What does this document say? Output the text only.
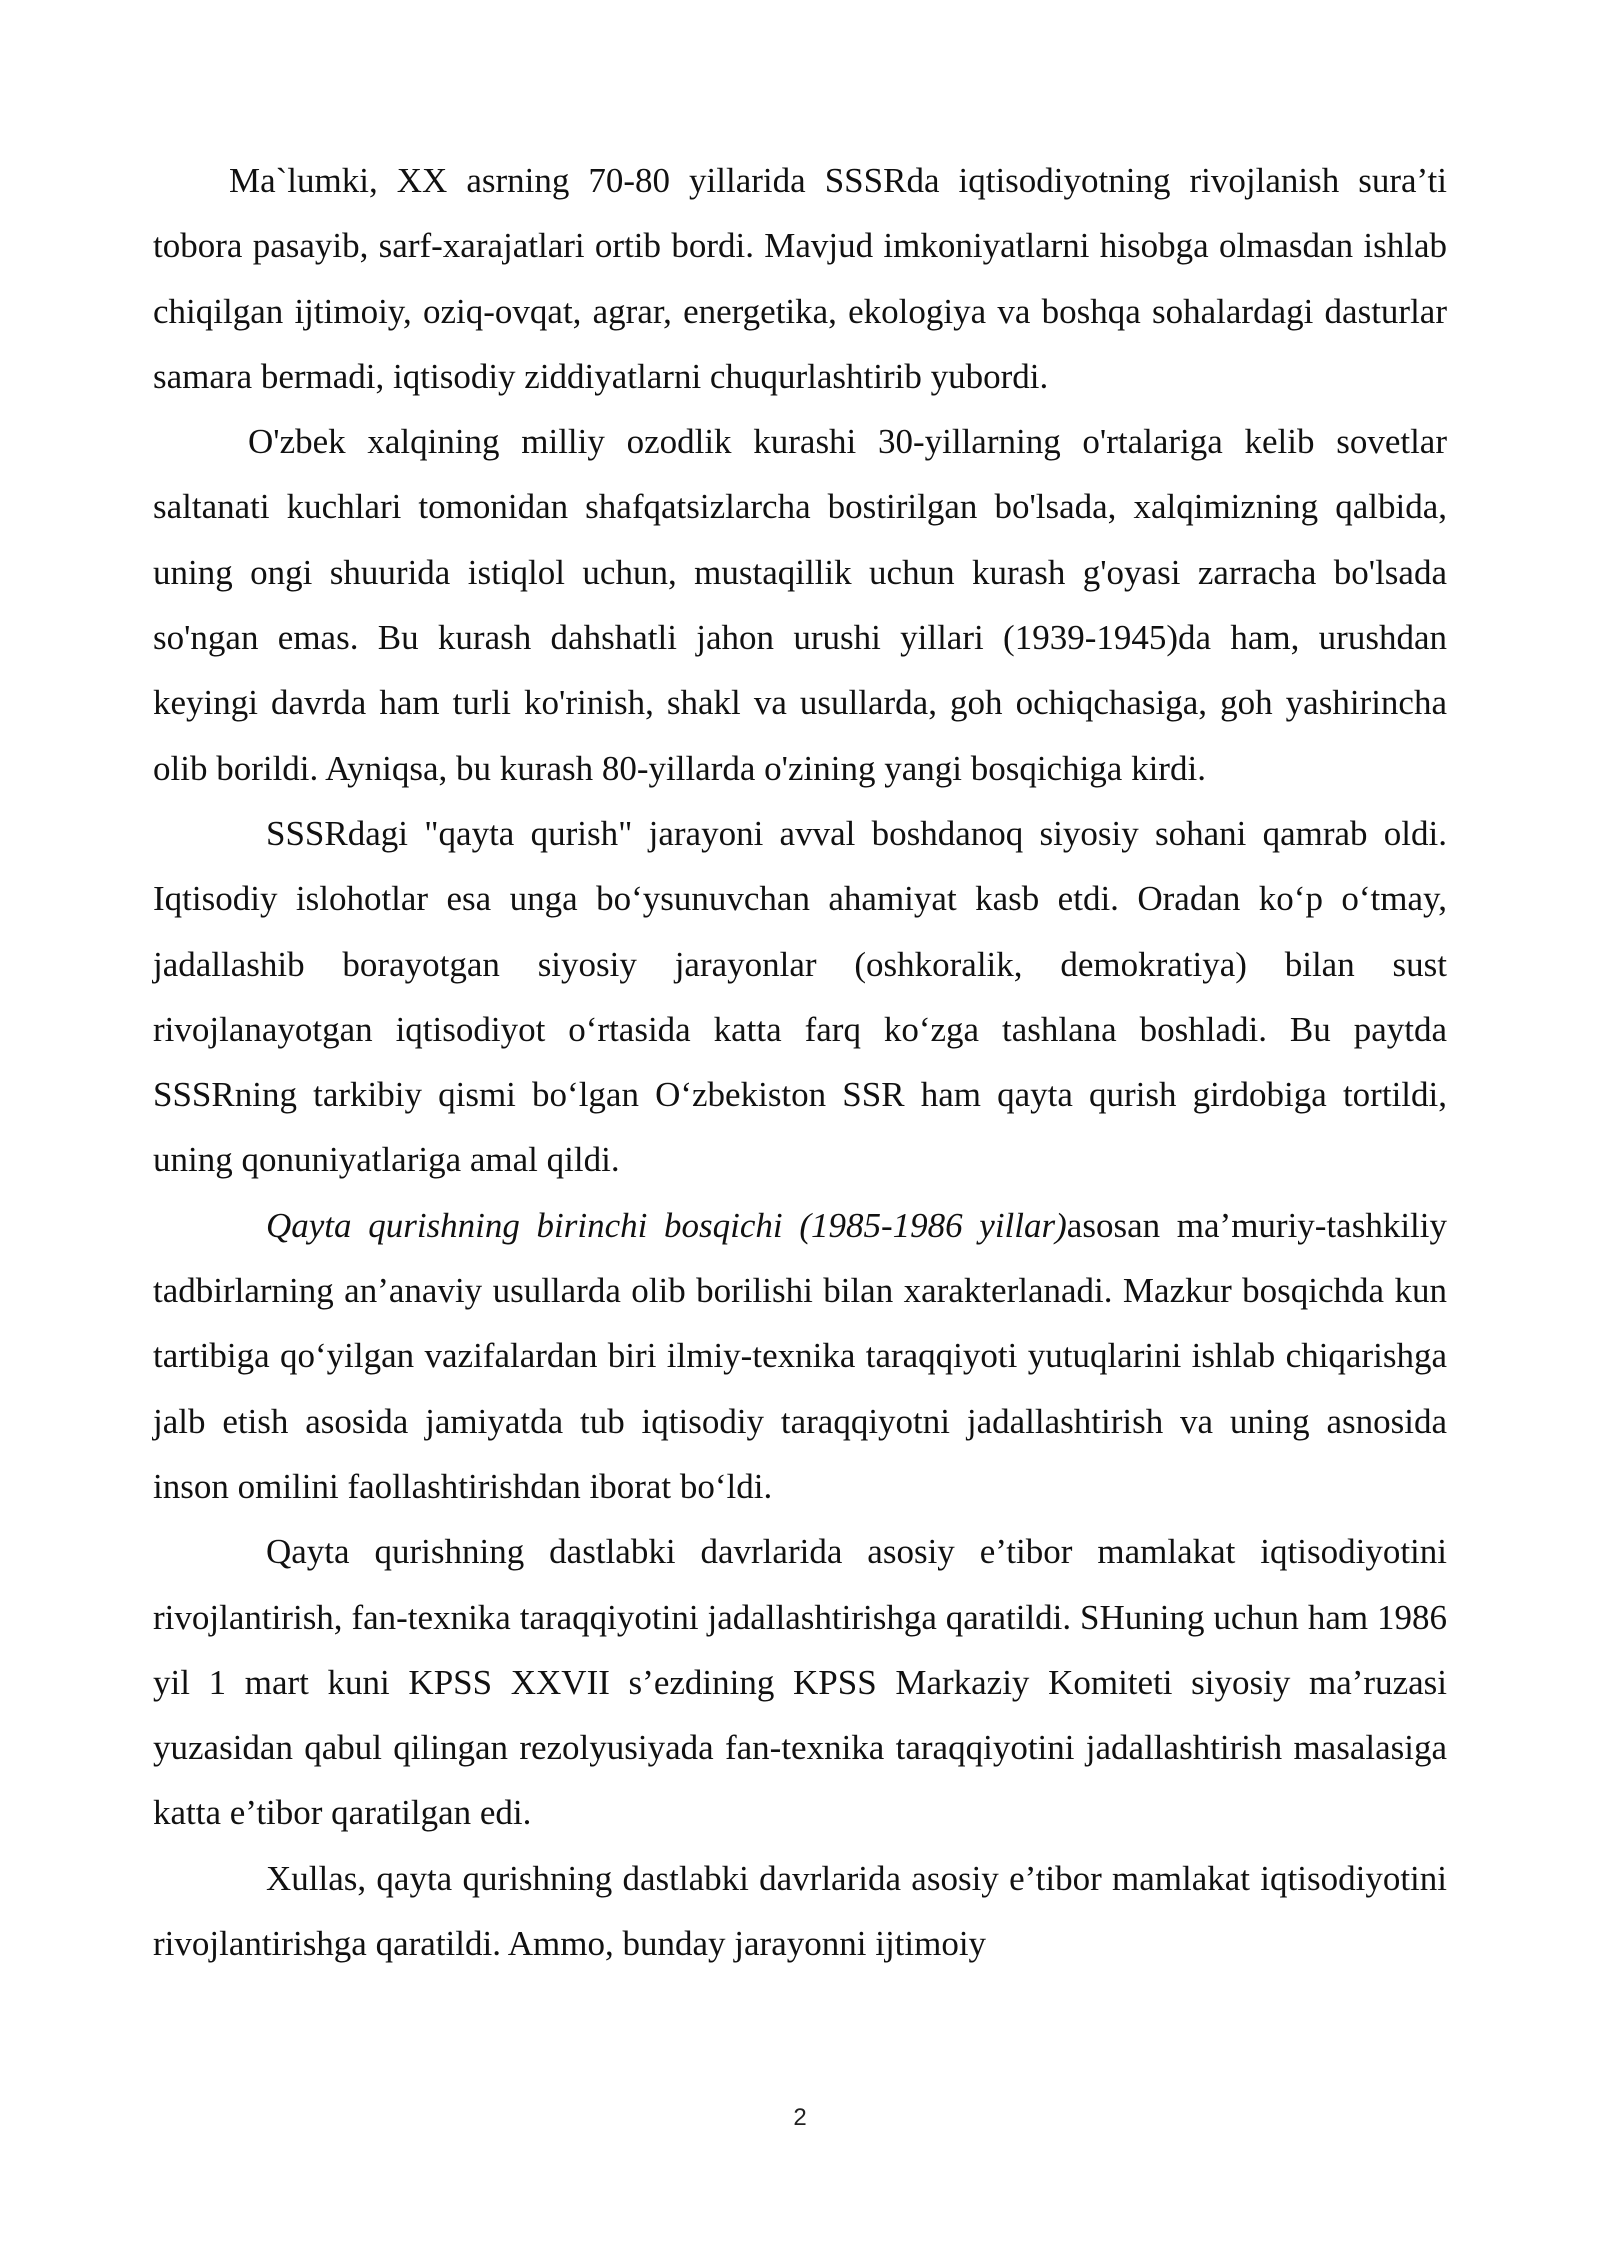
Ma`lumki, XX asrning 70-80 yillarida SSSRda iqtisodiyotning rivojlanish sura’ti tobora pasayib, sarf-xarajatlari ortib bordi. Mavjud imkoniyatlarni hisobga olmasdan ishlab chiqilgan ijtimoiy, oziq-ovqat, agrar, energetika, ekologiya va boshqa sohalardagi dasturlar samara bermadi, iqtisodiy ziddiyatlarni chuqurlashtirib yubordi.

O'zbek xalqining milliy ozodlik kurashi 30-yillarning o'rtalariga kelib sovetlar saltanati kuchlari tomonidan shafqatsizlarcha bostirilgan bo'lsada, xalqimizning qalbida, uning ongi shuurida istiqlol uchun, mustaqillik uchun kurash g'oyasi zarracha bo'lsada so'ngan emas. Bu kurash dahshatli jahon urushi yillari (1939-1945)da ham, urushdan keyingi davrda ham turli ko'rinish, shakl va usullarda, goh ochiqchasiga, goh yashirincha olib borildi. Ayniqsa, bu kurash 80-yillarda o'zining yangi bosqichiga kirdi.

SSSRdagi "qayta qurish" jarayoni avval boshdanoq siyosiy sohani qamrab oldi. Iqtisodiy islohotlar esa unga bo‘ysunuvchan ahamiyat kasb etdi. Oradan ko‘p o‘tmay, jadallashib borayotgan siyosiy jarayonlar (oshkoralik, demokratiya) bilan sust rivojlanayotgan iqtisodiyot o‘rtasida katta farq ko‘zga tashlana boshladi. Bu paytda SSSRning tarkibiy qismi bo‘lgan O‘zbekiston SSR ham qayta qurish girdobiga tortildi, uning qonuniyatlariga amal qildi.

Qayta qurishning birinchi bosqichi (1985-1986 yillar)asosan ma’muriy-tashkiliy tadbirlarning an’anaviy usullarda olib borilishi bilan xarakterlanadi. Mazkur bosqichda kun tartibiga qo‘yilgan vazifalardan biri ilmiy-texnika taraqqiyoti yutuqlarini ishlab chiqarishga jalb etish asosida jamiyatda tub iqtisodiy taraqqiyotni jadallashtirish va uning asnosida inson omilini faollashtirishdan iborat bo‘ldi.

Qayta qurishning dastlabki davrlarida asosiy e’tibor mamlakat iqtisodiyotini rivojlantirish, fan-texnika taraqqiyotini jadallashtirishga qaratildi. SHuning uchun ham 1986 yil 1 mart kuni KPSS XXVII s’ezdining KPSS Markaziy Komiteti siyosiy ma’ruzasi yuzasidan qabul qilingan rezolyusiyada fan-texnika taraqqiyotini jadallashtirish masalasiga katta e’tibor qaratilgan edi.

Xullas, qayta qurishning dastlabki davrlarida asosiy e’tibor mamlakat iqtisodiyotini rivojlantirishga qaratildi. Ammo, bunday jarayonni ijtimoiy

2
